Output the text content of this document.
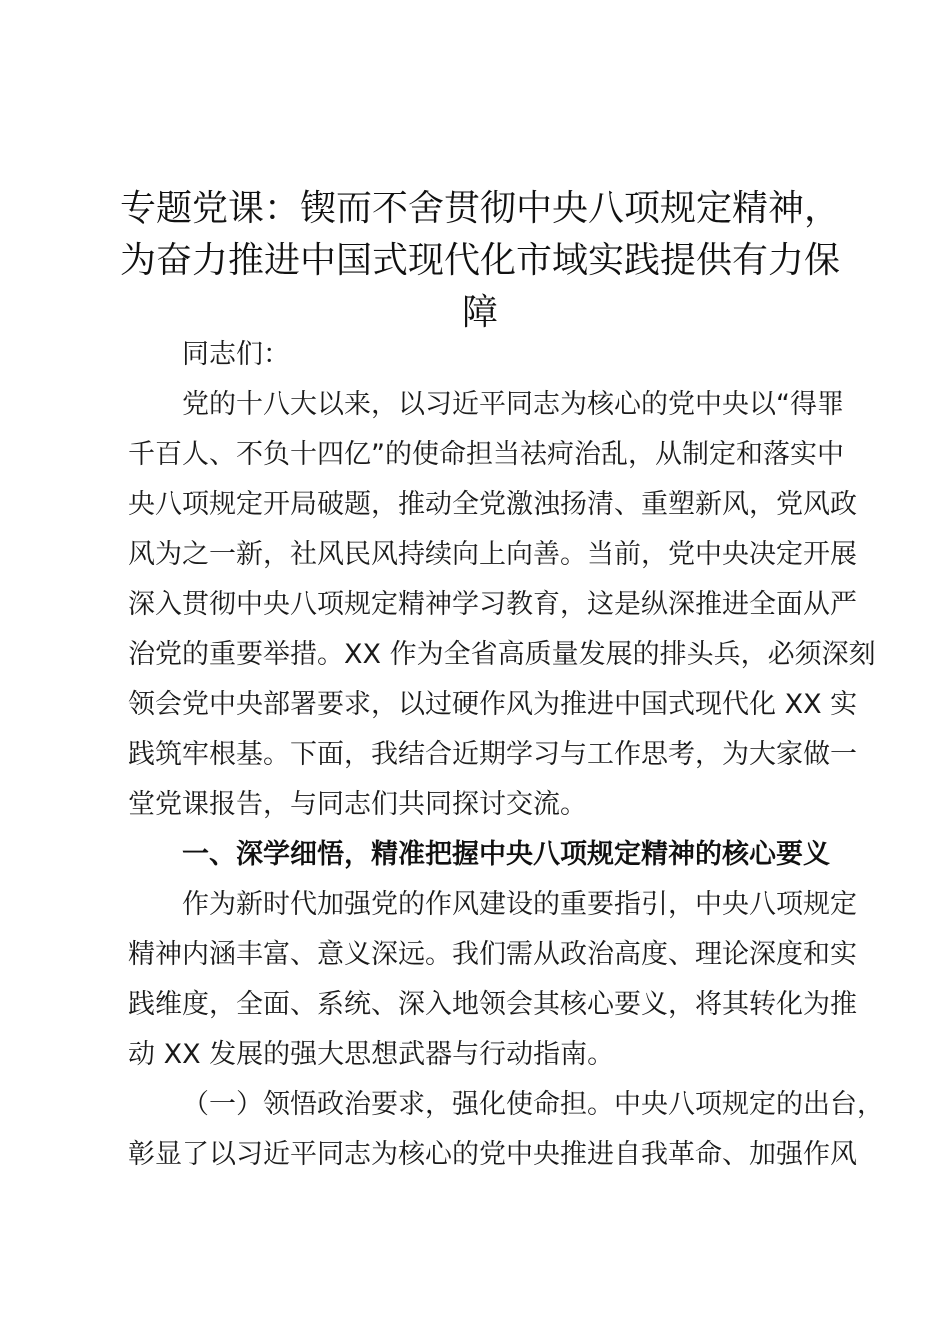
专题党课：锲而不舍贯彻中央八项规定精神，
为奋力推进中国式现代化市域实践提供有力保
障

同志们：

党的十八大以来，以习近平同志为核心的党中央以“得罪
千百人、不负十四亿”的使命担当祛疴治乱，从制定和落实中
央八项规定开局破题，推动全党激浊扬清、重塑新风，党风政
风为之一新，社风民风持续向上向善。当前，党中央决定开展
深入贯彻中央八项规定精神学习教育，这是纵深推进全面从严
治党的重要举措。XX 作为全省高质量发展的排头兵，必须深刻
领会党中央部署要求，以过硬作风为推进中国式现代化 XX 实
践筑牢根基。下面，我结合近期学习与工作思考，为大家做一
堂党课报告，与同志们共同探讨交流。

一、深学细悟，精准把握中央八项规定精神的核心要义

作为新时代加强党的作风建设的重要指引，中央八项规定
精神内涵丰富、意义深远。我们需从政治高度、理论深度和实
践维度，全面、系统、深入地领会其核心要义，将其转化为推
动 XX 发展的强大思想武器与行动指南。

（一）领悟政治要求，强化使命担。中央八项规定的出台，
彰显了以习近平同志为核心的党中央推进自我革命、加强作风
